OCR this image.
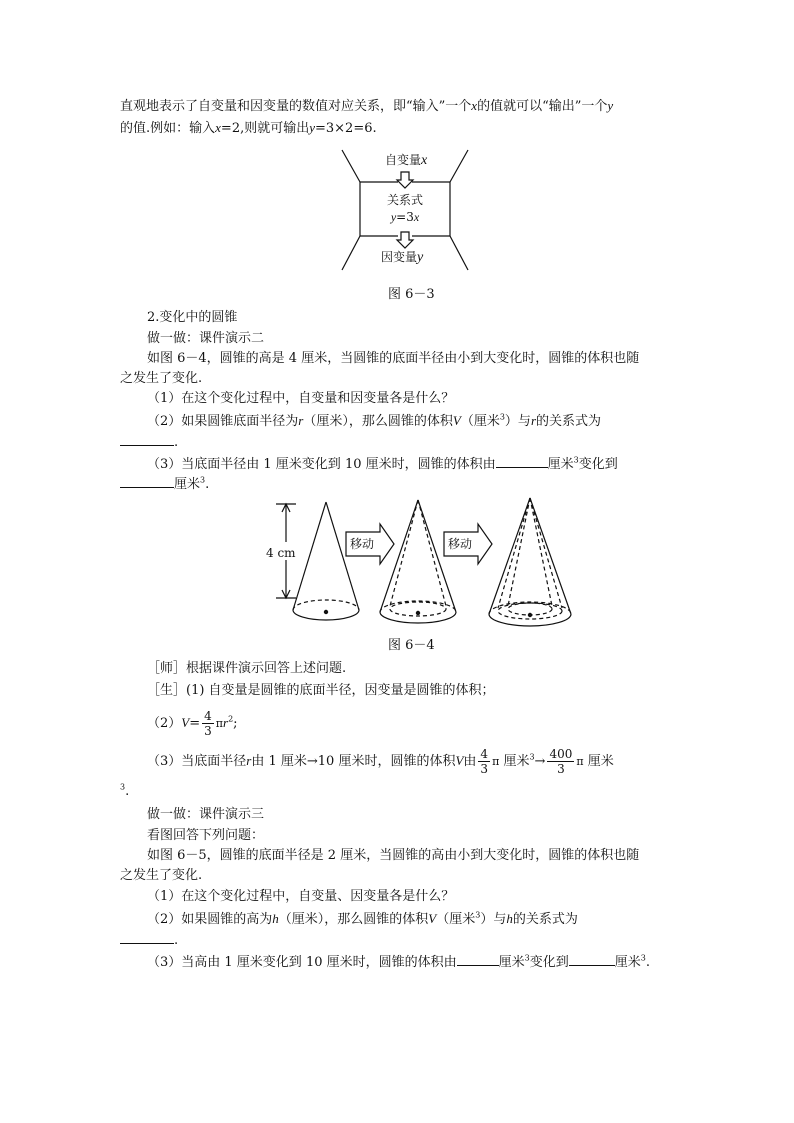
直观地表示了自变量和因变量的数值对应关系，即“输入”一个x的值就可以“输出”一个y
的值.例如：输入x=2,则就可输出y=3×2=6.
自变量x
关系式
y=3x
因变量y
图 6－3
2.变化中的圆锥
做一做：课件演示二
如图 6－4，圆锥的高是 4 厘米，当圆锥的底面半径由小到大变化时，圆锥的体积也随
之发生了变化.
（1）在这个变化过程中，自变量和因变量各是什么？
（2）如果圆锥底面半径为r（厘米），那么圆锥的体积V（厘米$^3$）与r的关系式为
.
（3）当底面半径由 1 厘米变化到 10 厘米时，圆锥的体积由	厘米$^3$变化到
厘米$^3$.
4 cm
移动	移动
图 6－4
［师］根据课件演示回答上述问题.
［生］(1) 自变量是圆锥的底面半径，因变量是圆锥的体积；
$(2)V= \frac{4}{3} \pi r^2$;
（3）当底面半径r由 1 厘米→10 厘米时，圆锥的体积V由 $\frac{4}{3}$ π 厘米$^3\to \frac{400}{3}$ π 厘米
$^3$.
做一做：课件演示三
看图回答下列问题：
如图 6－5，圆锥的底面半径是 2 厘米，当圆锥的高由小到大变化时，圆锥的体积也随
之发生了变化.
（1）在这个变化过程中，自变量、因变量各是什么？
（2）如果圆锥的高为h（厘米），那么圆锥的体积V（厘米$^3$）与h的关系式为
.
（3）当高由 1 厘米变化到 10 厘米时，圆锥的体积由	厘米$^3$变化到	厘米$^3$.
